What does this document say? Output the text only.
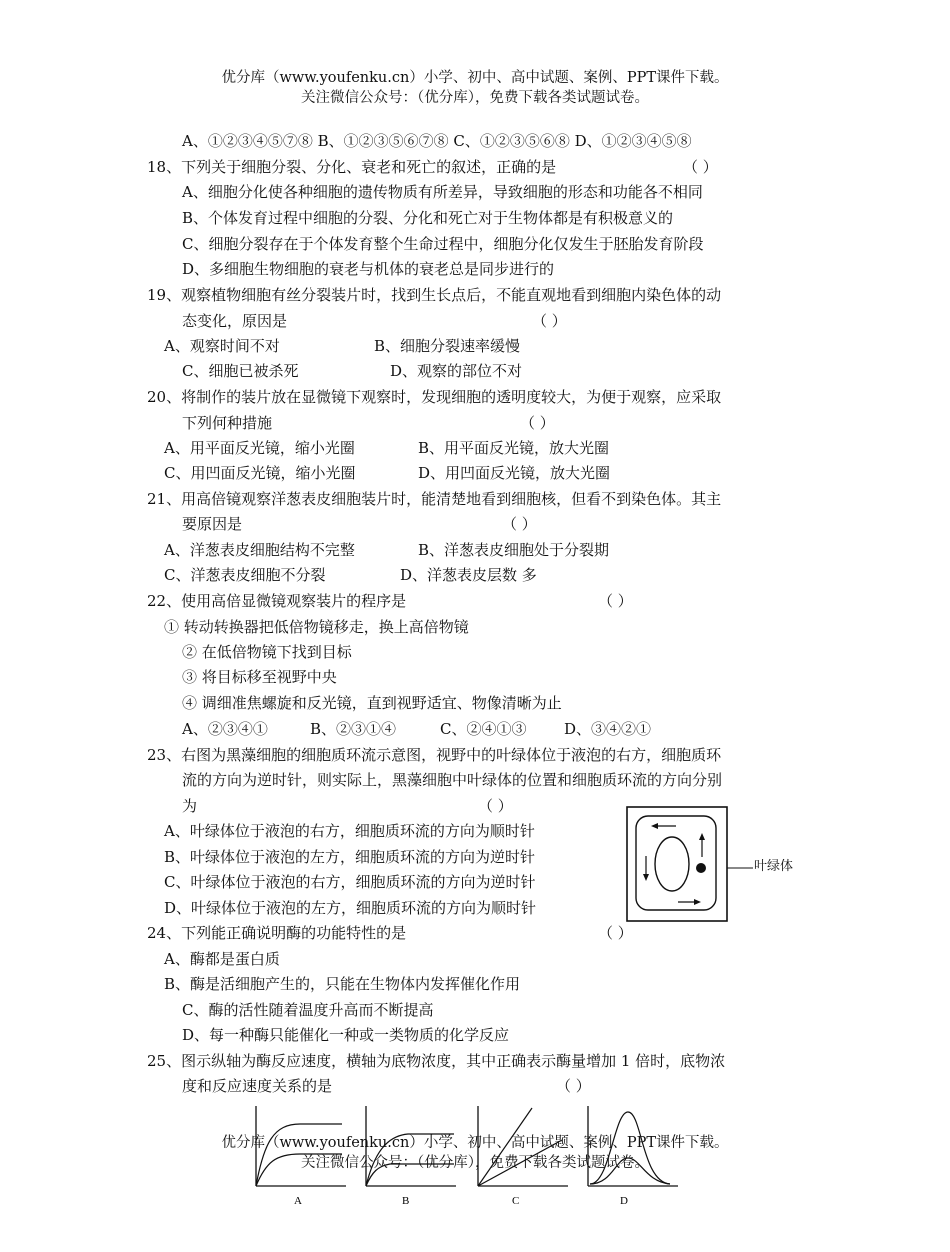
优分库（www.youfenku.cn）小学、初中、高中试题、案例、PPT课件下载。
关注微信公众号：（优分库），免费下载各类试题试卷。
A、①②③④⑤⑦⑧ B、①②③⑤⑥⑦⑧ C、①②③⑤⑥⑧ D、①②③④⑤⑧
18、下列关于细胞分裂、分化、衰老和死亡的叙述，正确的是	（ ）
A、细胞分化使各种细胞的遗传物质有所差异，导致细胞的形态和功能各不相同
B、个体发育过程中细胞的分裂、分化和死亡对于生物体都是有积极意义的
C、细胞分裂存在于个体发育整个生命过程中，细胞分化仅发生于胚胎发育阶段
D、多细胞生物细胞的衰老与机体的衰老总是同步进行的
19、观察植物细胞有丝分裂装片时，找到生长点后，不能直观地看到细胞内染色体的动
态变化，原因是	（ ）
A、观察时间不对	B、细胞分裂速率缓慢
C、细胞已被杀死	D、观察的部位不对
20、将制作的装片放在显微镜下观察时，发现细胞的透明度较大，为便于观察，应采取
下列何种措施	（ ）
A、用平面反光镜，缩小光圈	B、用平面反光镜，放大光圈
C、用凹面反光镜，缩小光圈	D、用凹面反光镜，放大光圈
21、用高倍镜观察洋葱表皮细胞装片时，能清楚地看到细胞核，但看不到染色体。其主
要原因是	（ ）
A、洋葱表皮细胞结构不完整	B、洋葱表皮细胞处于分裂期
C、洋葱表皮细胞不分裂	D、洋葱表皮层数 多
22、使用高倍显微镜观察装片的程序是	（ ）
① 转动转换器把低倍物镜移走，换上高倍物镜
② 在低倍物镜下找到目标
③ 将目标移至视野中央
④ 调细准焦螺旋和反光镜，直到视野适宜、物像清晰为止
A、②③④①	B、②③①④	C、②④①③	D、③④②①
23、右图为黑藻细胞的细胞质环流示意图，视野中的叶绿体位于液泡的右方，细胞质环
流的方向为逆时针，则实际上，黑藻细胞中叶绿体的位置和细胞质环流的方向分别
为	（ ）
A、叶绿体位于液泡的右方，细胞质环流的方向为顺时针
B、叶绿体位于液泡的左方，细胞质环流的方向为逆时针
C、叶绿体位于液泡的右方，细胞质环流的方向为逆时针
D、叶绿体位于液泡的左方，细胞质环流的方向为顺时针
叶绿体
24、下列能正确说明酶的功能特性的是	（ ）
A、酶都是蛋白质
B、酶是活细胞产生的，只能在生物体内发挥催化作用
C、酶的活性随着温度升高而不断提高
D、每一种酶只能催化一种或一类物质的化学反应
25、图示纵轴为酶反应速度，横轴为底物浓度，其中正确表示酶量增加 1 倍时，底物浓
度和反应速度关系的是	（ ）
A	B	C	D
优分库（www.youfenku.cn）小学、初中、高中试题、案例、PPT课件下载。
关注微信公众号：（优分库），免费下载各类试题试卷。
